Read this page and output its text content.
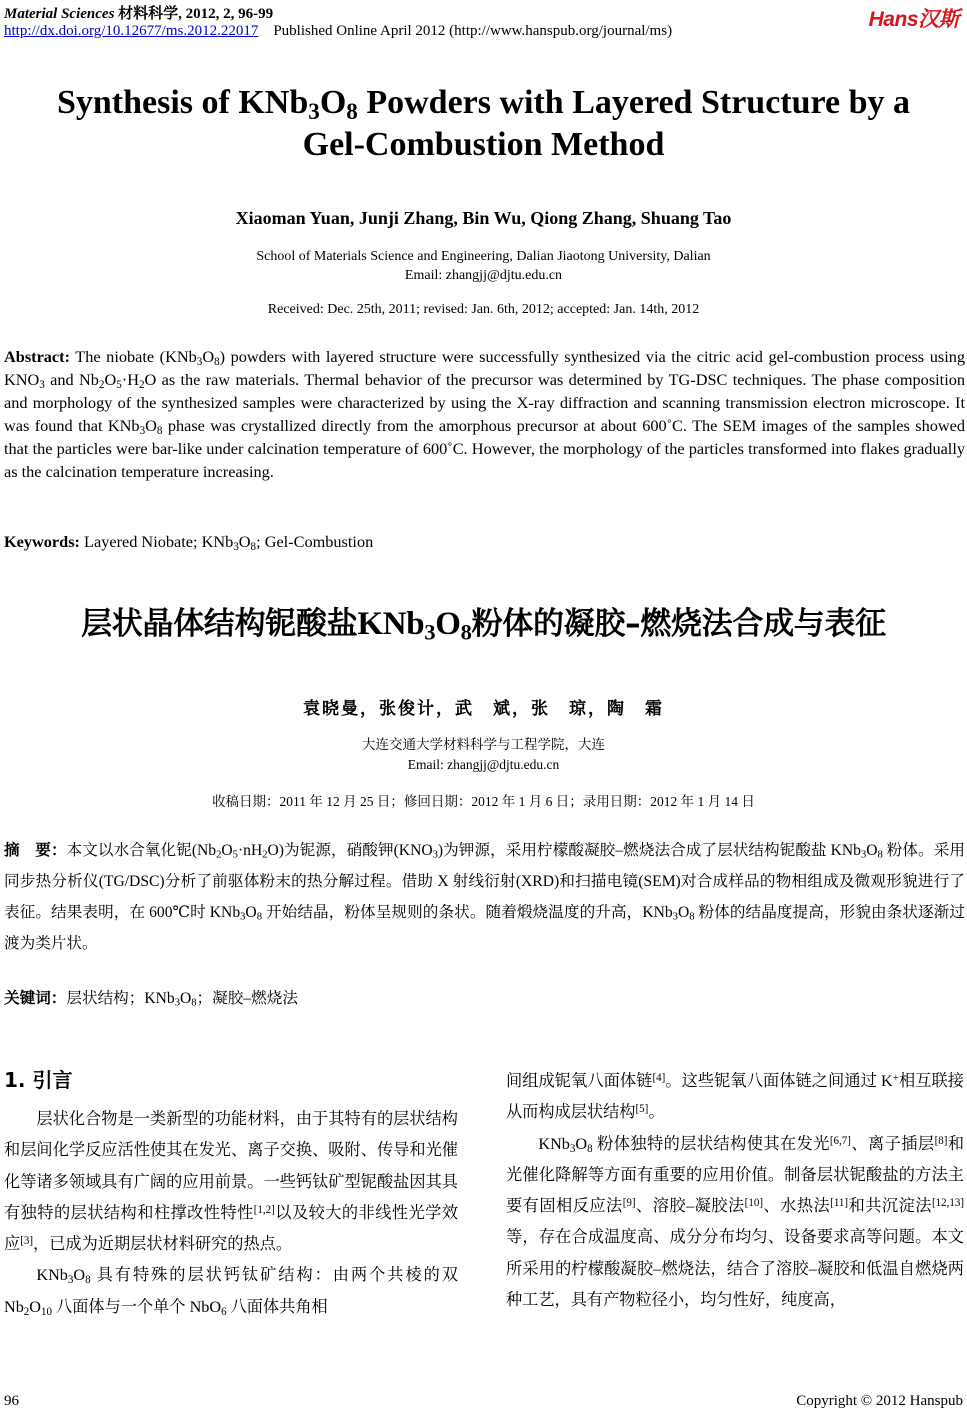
Material Sciences 材料科学, 2012, 2, 96-99
http://dx.doi.org/10.12677/ms.2012.22017 Published Online April 2012 (http://www.hanspub.org/journal/ms)	Hans汉斯
Synthesis of $KNb_3O_8$ Powders with Layered Structure by a
Gel-Combustion Method
Xiaoman Yuan, Junji Zhang, Bin Wu, Qiong Zhang, Shuang Tao
School of Materials Science and Engineering, Dalian Jiaotong University, Dalian
Email: zhangjj@djtu.edu.cn
Received: Dec. 25th, 2011; revised: Jan. 6th, 2012; accepted: Jan. 14th, 2012
Abstract: The niobate $(KNb_3O_8)$ powders with layered structure were successfully synthesized via the citric acid gel-combustion process using $KNO_3$ and $Nb_2O_5\cdot H_2O$ as the raw materials. Thermal behavior of the precursor was determined by TG-DSC techniques. The phase composition and morphology of the synthesized samples were characterized by using the X-ray diffraction and scanning transmission electron microscope. It was found that $KNb_3O_8$ phase was crystallized directly from the amorphous precursor at about 600˚C. The SEM images of the samples showed that the particles were bar-like under calcination temperature of 600˚C. However, the morphology of the particles transformed into flakes gradually as the calcination temperature increasing.
Keywords: Layered Niobate; $KNb_3O_8$; Gel-Combustion
层状晶体结构铌酸盐$KNb_3O_8$粉体的凝胶–燃烧法合成与表征
袁晓曼，张俊计，武　斌，张　琼，陶　霜
大连交通大学材料科学与工程学院，大连
Email: zhangjj@djtu.edu.cn
收稿日期：2011 年 12 月 25 日；修回日期：2012 年 1 月 6 日；录用日期：2012 年 1 月 14 日
摘　要：本文以水合氧化铌$(Nb_2O_5\cdot nH_2O)$为铌源，硝酸钾$(KNO_3)$为钾源，采用柠檬酸凝胶–燃烧法合成了层状结构铌酸盐 $KNb_3O_8$ 粉体。采用同步热分析仪(TG/DSC)分析了前驱体粉末的热分解过程。借助 X 射线衍射(XRD)和扫描电镜(SEM)对合成样品的物相组成及微观形貌进行了表征。结果表明，在 600℃时 $KNb_3O_8$ 开始结晶，粉体呈规则的条状。随着煅烧温度的升高，$KNb_3O_8$ 粉体的结晶度提高，形貌由条状逐渐过渡为类片状。
关键词：层状结构；$KNb_3O_8$；凝胶–燃烧法
1. 引言

层状化合物是一类新型的功能材料，由于其特有的层状结构和层间化学反应活性使其在发光、离子交换、吸附、传导和光催化等诸多领域具有广阔的应用前景。一些钙钛矿型铌酸盐因其具有独特的层状结构和柱撑改性特性[1,2]以及较大的非线性光学效应[3]，已成为近期层状材料研究的热点。

$KNb_3O_8$ 具有特殊的层状钙钛矿结构：由两个共棱的双 $Nb_2O_{10}$ 八面体与一个单个 NbO$_6$ 八面体共角相

间组成铌氧八面体链[4]。这些铌氧八面体链之间通过 K+相互联接从而构成层状结构[5]。

$KNb_3O_8$ 粉体独特的层状结构使其在发光[6,7]、离子插层[8]和光催化降解等方面有重要的应用价值。制备层状铌酸盐的方法主要有固相反应法[9]、溶胶–凝胶法[10]、水热法[11]和共沉淀法[12,13]等，存在合成温度高、成分分布均匀、设备要求高等问题。本文所采用的柠檬酸凝胶–燃烧法，结合了溶胶–凝胶和低温自燃烧两种工艺，具有产物粒径小，均匀性好，纯度高，

96	Copyright © 2012 Hanspub
